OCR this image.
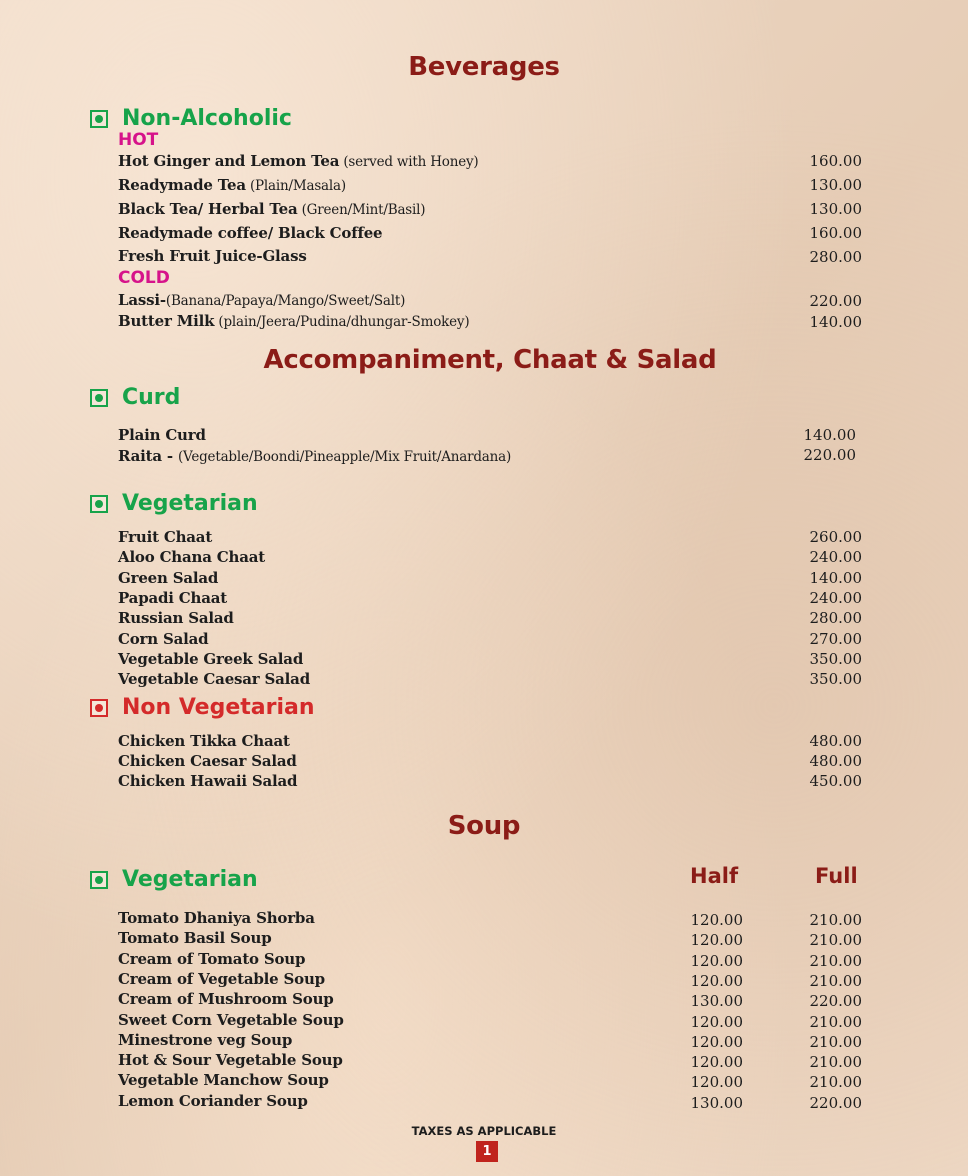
Beverages
Non-Alcoholic
HOT
Hot Ginger and Lemon Tea (served with Honey)	160.00
Readymade Tea (Plain/Masala)	130.00
Black Tea/ Herbal Tea (Green/Mint/Basil)	130.00
Readymade coffee/ Black Coffee	160.00
Fresh Fruit Juice-Glass	280.00
COLD
Lassi-(Banana/Papaya/Mango/Sweet/Salt)	220.00
Butter Milk (plain/Jeera/Pudina/dhungar-Smokey)	140.00
Accompaniment, Chaat & Salad
Curd
Plain Curd	140.00
Raita - (Vegetable/Boondi/Pineapple/Mix Fruit/Anardana)	220.00
Vegetarian
Fruit Chaat	260.00
Aloo Chana Chaat	240.00
Green Salad	140.00
Papadi Chaat	240.00
Russian Salad	280.00
Corn Salad	270.00
Vegetable Greek Salad	350.00
Vegetable Caesar Salad	350.00
Non Vegetarian
Chicken Tikka Chaat	480.00
Chicken Caesar Salad	480.00
Chicken Hawaii Salad	450.00
Soup
Vegetarian	Half	Full
Tomato Dhaniya Shorba	120.00	210.00
Tomato Basil Soup	120.00	210.00
Cream of Tomato Soup	120.00	210.00
Cream of Vegetable Soup	120.00	210.00
Cream of Mushroom Soup	130.00	220.00
Sweet Corn Vegetable Soup	120.00	210.00
Minestrone veg Soup	120.00	210.00
Hot & Sour Vegetable Soup	120.00	210.00
Vegetable Manchow Soup	120.00	210.00
Lemon Coriander Soup	130.00	220.00
TAXES AS APPLICABLE
1
